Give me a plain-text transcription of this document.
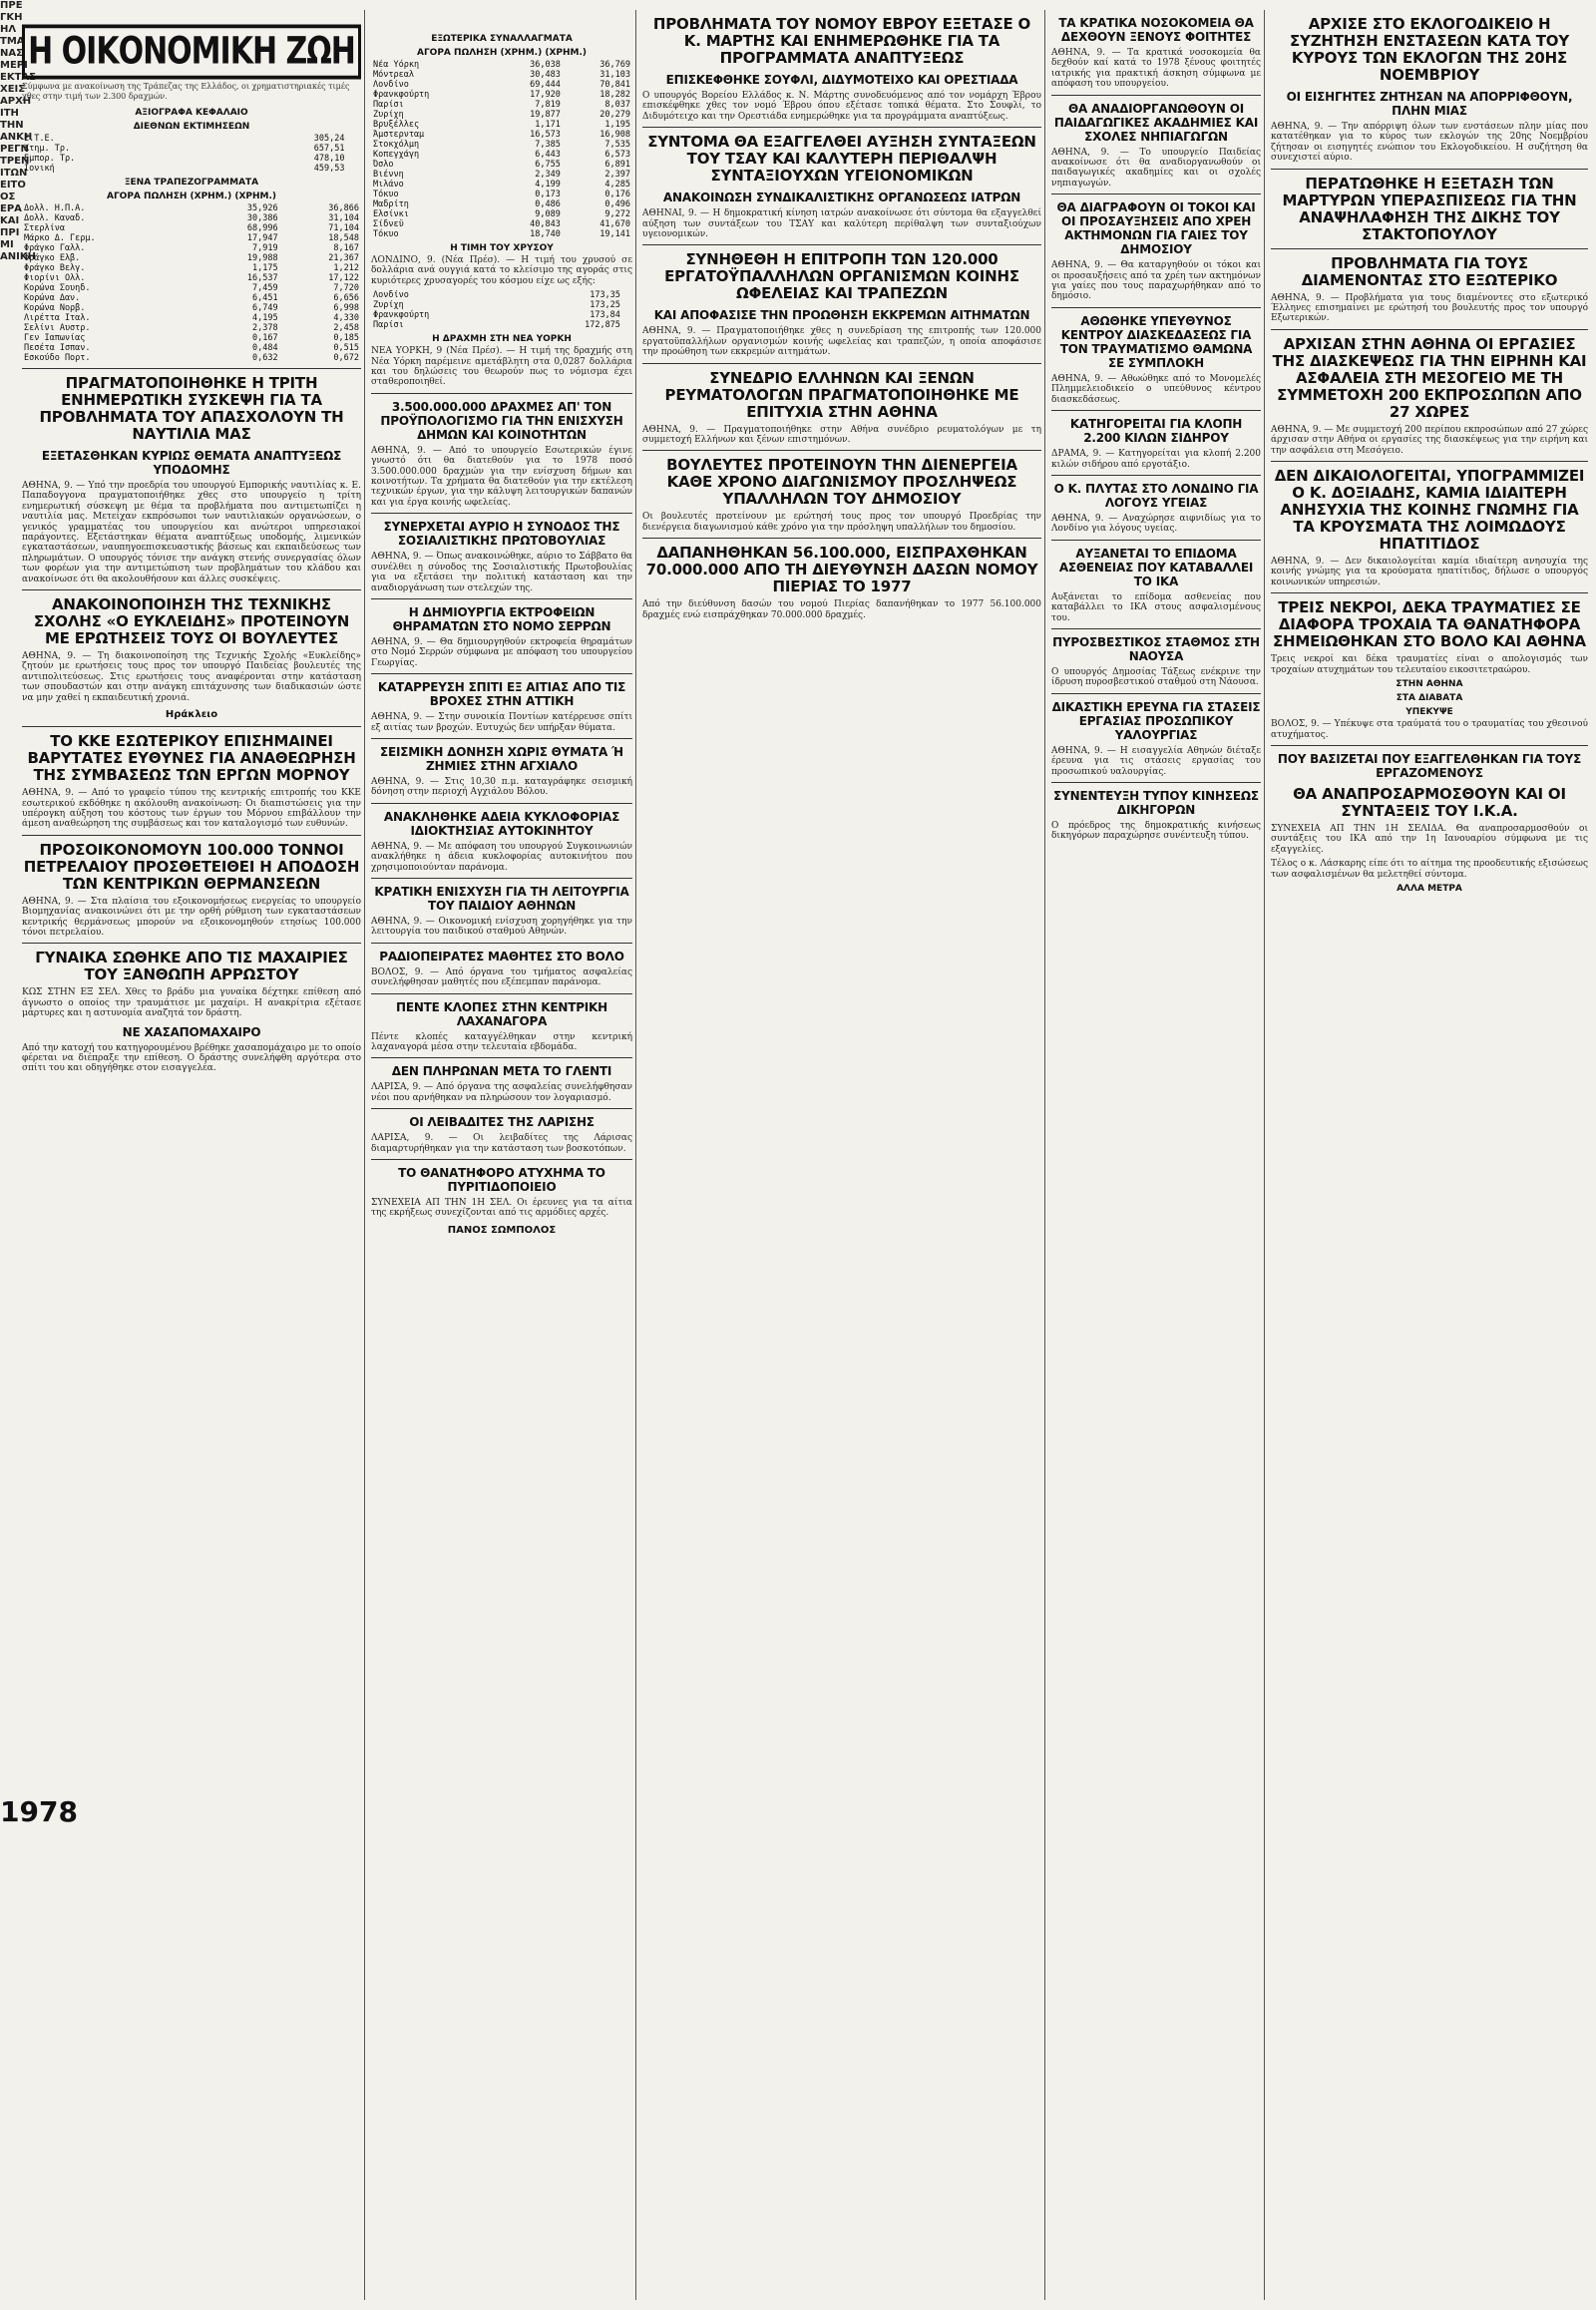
ΠΡΕ ΓΚΗ ΗΛ ΤΜΑ ΝΑΣ ΜΕΡΙ ΕΚΤΑΣ ΧΕΙΣ ΑΡΧΗ ΙΤΗ ΤΗΝ ΑΝΚΗ ΡΕΓΝ ΤΡΕΝ ΙΤΩΝ ΕΙΤΟ ΟΣ ΕΡΑ ΚΑΙ ΠΡΙ ΜΙ ΑΝΙΚΗ
1978
Η ΟΙΚΟΝΟΜΙΚΗ ΖΩΗ
Σύμφωνα με ανακοίνωση της Τράπεζας της Ελλάδος, οι χρηματιστηριακές τιμές χθες στην τιμή των 2.300 δραχμών.
ΑΞΙΟΓΡΑΦΑ ΚΕΦΑΛΑΙΟ
ΔΙΕΘΝΩΝ ΕΚΤΙΜΗΣΕΩΝ
Ε.Τ.Ε.	305,24	
Κτημ. Τρ.	657,51	
Εμπορ. Τρ.	478,10	
Ιονική	459,53	
ΞΕΝΑ ΤΡΑΠΕΖΟΓΡΑΜΜΑΤΑ
ΑΓΟΡΑ ΠΩΛΗΣΗ (ΧΡΗΜ.) (ΧΡΗΜ.)
Δολλ. Η.Π.Α.	35,926	36,866
Δολλ. Καναδ.	30,386	31,104
Στερλίνα	68,996	71,104
Μάρκο Δ. Γερμ.	17,947	18,548
Φράγκο Γαλλ.	7,919	8,167
Φράγκο Ελβ.	19,988	21,367
Φράγκο Βελγ.	1,175	1,212
Φιορίνι Ολλ.	16,537	17,122
Κορώνα Σουηδ.	7,459	7,720
Κορώνα Δαν.	6,451	6,656
Κορώνα Νορβ.	6,749	6,998
Λιρέττα Ιταλ.	4,195	4,330
Σελίνι Αυστρ.	2,378	2,458
Γεν Ιαπωνίας	0,167	0,185
Πεσέτα Ισπαν.	0,484	0,515
Εσκούδο Πορτ.	0,632	0,672
ΠΡΑΓΜΑΤΟΠΟΙΗΘΗΚΕ Η ΤΡΙΤΗ ΕΝΗΜΕΡΩΤΙΚΗ ΣΥΣΚΕΨΗ ΓΙΑ ΤΑ ΠΡΟΒΛΗΜΑΤΑ ΤΟΥ ΑΠΑΣΧΟΛΟΥΝ ΤΗ ΝΑΥΤΙΛΙΑ ΜΑΣ
ΕΞΕΤΑΣΘΗΚΑΝ ΚΥΡΙΩΣ ΘΕΜΑΤΑ ΑΝΑΠΤΥΞΕΩΣ ΥΠΟΔΟΜΗΣ

ΑΘΗΝΑ, 9. — Υπό την προεδρία του υπουργού Εμπορικής ναυτιλίας κ. Ε. Παπαδογγονα πραγματοποιήθηκε χθες στο υπουργείο η τρίτη ενημερωτική σύσκεψη με θέμα τα προβλήματα που αντιμετωπίζει η ναυτιλία μας. Μετείχαν εκπρόσωποι των ναυτιλιακών οργανώσεων, ο γενικός γραμματέας του υπουργείου και ανώτεροι υπηρεσιακοί παράγοντες. Εξετάστηκαν θέματα αναπτύξεως υποδομής, λιμενικών εγκαταστάσεων, ναυπηγοεπισκευαστικής βάσεως και εκπαιδεύσεως των πληρωμάτων. Ο υπουργός τόνισε την ανάγκη στενής συνεργασίας όλων των φορέων για την αντιμετώπιση των προβλημάτων του κλάδου και ανακοίνωσε ότι θα ακολουθήσουν και άλλες συσκέψεις.

ΑΝΑΚΟΙΝΟΠΟΙΗΣΗ ΤΗΣ ΤΕΧΝΙΚΗΣ ΣΧΟΛΗΣ «Ο ΕΥΚΛΕΙΔΗΣ» ΠΡΟΤΕΙΝΟΥΝ ΜΕ ΕΡΩΤΗΣΕΙΣ ΤΟΥΣ ΟΙ ΒΟΥΛΕΥΤΕΣ

ΑΘΗΝΑ, 9. — Τη διακοινοποίηση της Τεχνικής Σχολής «Ευκλείδης» ζητούν με ερωτήσεις τους προς τον υπουργό Παιδείας βουλευτές της αντιπολιτεύσεως. Στις ερωτήσεις τους αναφέρονται στην κατάσταση των σπουδαστών και στην ανάγκη επιτάχυνσης των διαδικασιών ώστε να μην χαθεί η εκπαιδευτική χρονιά.

Ηράκλειο
ΤΟ ΚΚΕ ΕΣΩΤΕΡΙΚΟΥ ΕΠΙΣΗΜΑΙΝΕΙ ΒΑΡΥΤΑΤΕΣ ΕΥΘΥΝΕΣ ΓΙΑ ΑΝΑΘΕΩΡΗΣΗ ΤΗΣ ΣΥΜΒΑΣΕΩΣ ΤΩΝ ΕΡΓΩΝ ΜΟΡΝΟΥ

ΑΘΗΝΑ, 9. — Από το γραφείο τύπου της κεντρικής επιτροπής του ΚΚΕ εσωτερικού εκδόθηκε η ακόλουθη ανακοίνωση: Οι διαπιστώσεις για την υπέρογκη αύξηση του κόστους των έργων του Μόρνου επιβάλλουν την άμεση αναθεώρηση της συμβάσεως και τον καταλογισμό των ευθυνών.

ΠΡΟΣΟΙΚΟΝΟΜΟΥΝ 100.000 ΤΟΝΝΟΙ ΠΕΤΡΕΛΑΙΟΥ ΠΡΟΣΘΕΤΕΙΘΕΙ Η ΑΠΟΔΟΣΗ ΤΩΝ ΚΕΝΤΡΙΚΩΝ ΘΕΡΜΑΝΣΕΩΝ

ΑΘΗΝΑ, 9. — Στα πλαίσια του εξοικονομήσεως ενεργείας το υπουργείο Βιομηχανίας ανακοινώνει ότι με την ορθή ρύθμιση των εγκαταστάσεων κεντρικής θερμάνσεως μπορούν να εξοικονομηθούν ετησίως 100.000 τόνοι πετρελαίου.

ΓΥΝΑΙΚΑ ΣΩΘΗΚΕ ΑΠΟ ΤΙΣ ΜΑΧΑΙΡΙΕΣ ΤΟΥ ΞΑΝΘΩΠΗ ΑΡΡΩΣΤΟΥ

ΚΩΣ ΣΤΗΝ ΕΞ ΣΕΛ. Χθες το βράδυ μια γυναίκα δέχτηκε επίθεση από άγνωστο ο οποίος την τραυμάτισε με μαχαίρι. Η ανακρίτρια εξέτασε μάρτυρες και η αστυνομία αναζητά τον δράστη.

ΝΕ ΧΑΣΑΠΟΜΑΧΑΙΡΟ

Από την κατοχή του κατηγορουμένου βρέθηκε χασαπομάχαιρο με το οποίο φέρεται να διέπραξε την επίθεση. Ο δράστης συνελήφθη αργότερα στο σπίτι του και οδηγήθηκε στον εισαγγελέα.

ΕΞΩΤΕΡΙΚΑ ΣΥΝΑΛΛΑΓΜΑΤΑ
ΑΓΟΡΑ ΠΩΛΗΣΗ (ΧΡΗΜ.) (ΧΡΗΜ.)
Νέα Υόρκη	36,038	36,769
Μόντρεαλ	30,483	31,103
Λονδίνο	69,444	70,841
Φρανκφούρτη	17,920	18,282
Παρίσι	7,819	8,037
Ζυρίχη	19,877	20,279
Βρυξέλλες	1,171	1,195
Άμστερνταμ	16,573	16,908
Στοκχόλμη	7,385	7,535
Κοπεγχάγη	6,443	6,573
Όσλο	6,755	6,891
Βιέννη	2,349	2,397
Μιλάνο	4,199	4,285
Τόκυο	0,173	0,176
Μαδρίτη	0,486	0,496
Ελσίνκι	9,089	9,272
Σίδνεϋ	40,843	41,670
Τόκυο	18,740	19,141
Η ΤΙΜΗ ΤΟΥ ΧΡΥΣΟΥ

ΛΟΝΔΙΝΟ, 9. (Νέα Πρέσ). — Η τιμή του χρυσού σε δολλάρια ανά ουγγιά κατά το κλείσιμο της αγοράς στις κυριότερες χρυσαγορές του κόσμου είχε ως εξής:

Λονδίνο	173,35	
Ζυρίχη	173,25	
Φρανκφούρτη	173,84	
Παρίσι	172,875	
Η ΔΡΑΧΜΗ ΣΤΗ ΝΕΑ ΥΟΡΚΗ

ΝΕΑ ΥΟΡΚΗ, 9 (Νέα Πρέσ). — Η τιμή της δραχμής στη Νέα Υόρκη παρέμεινε αμετάβλητη στα 0,0287 δολλάρια και του δηλώσεις του θεωρούν πως το νόμισμα έχει σταθεροποιηθεί.

3.500.000.000 ΔΡΑΧΜΕΣ ΑΠ' ΤΟΝ ΠΡΟΫΠΟΛΟΓΙΣΜΟ ΓΙΑ ΤΗΝ ΕΝΙΣΧΥΣΗ ΔΗΜΩΝ ΚΑΙ ΚΟΙΝΟΤΗΤΩΝ

ΑΘΗΝΑ, 9. — Από το υπουργείο Εσωτερικών έγινε γνωστό ότι θα διατεθούν για το 1978 ποσό 3.500.000.000 δραχμών για την ενίσχυση δήμων και κοινοτήτων. Τα χρήματα θα διατεθούν για την εκτέλεση τεχνικών έργων, για την κάλυψη λειτουργικών δαπανών και για έργα κοινής ωφελείας.

ΣΥΝΕΡΧΕΤΑΙ ΑΥΡΙΟ Η ΣΥΝΟΔΟΣ ΤΗΣ ΣΟΣΙΑΛΙΣΤΙΚΗΣ ΠΡΩΤΟΒΟΥΛΙΑΣ

ΑΘΗΝΑ, 9. — Όπως ανακοινώθηκε, αύριο το Σάββατο θα συνέλθει η σύνοδος της Σοσιαλιστικής Πρωτοβουλίας για να εξετάσει την πολιτική κατάσταση και την αναδιοργάνωση των στελεχών της.

Η ΔΗΜΙΟΥΡΓΙΑ ΕΚΤΡΟΦΕΙΩΝ ΘΗΡΑΜΑΤΩΝ ΣΤΟ ΝΟΜΟ ΣΕΡΡΩΝ

ΑΘΗΝΑ, 9. — Θα δημιουργηθούν εκτροφεία θηραμάτων στο Νομό Σερρών σύμφωνα με απόφαση του υπουργείου Γεωργίας.

ΚΑΤΑΡΡΕΥΣΗ ΣΠΙΤΙ ΕΞ ΑΙΤΙΑΣ ΑΠΟ ΤΙΣ ΒΡΟΧΕΣ ΣΤΗΝ ΑΤΤΙΚΗ

ΑΘΗΝΑ, 9. — Στην συνοικία Ποντίων κατέρρευσε σπίτι εξ αιτίας των βροχών. Ευτυχώς δεν υπήρξαν θύματα.

ΣΕΙΣΜΙΚΗ ΔΟΝΗΣΗ ΧΩΡΙΣ ΘΥΜΑΤΑ Ή ΖΗΜΙΕΣ ΣΤΗΝ ΑΓΧΙΑΛΟ

ΑΘΗΝΑ, 9. — Στις 10,30 π.μ. καταγράφηκε σεισμική δόνηση στην περιοχή Αγχιάλου Βόλου.

ΑΝΑΚΛΗΘΗΚΕ ΑΔΕΙΑ ΚΥΚΛΟΦΟΡΙΑΣ ΙΔΙΟΚΤΗΣΙΑΣ ΑΥΤΟΚΙΝΗΤΟΥ

ΑΘΗΝΑ, 9. — Με απόφαση του υπουργού Συγκοινωνιών ανακλήθηκε η άδεια κυκλοφορίας αυτοκινήτου που χρησιμοποιούνταν παράνομα.

ΚΡΑΤΙΚΗ ΕΝΙΣΧΥΣΗ ΓΙΑ ΤΗ ΛΕΙΤΟΥΡΓΙΑ ΤΟΥ ΠΑΙΔΙΟΥ ΑΘΗΝΩΝ

ΑΘΗΝΑ, 9. — Οικονομική ενίσχυση χορηγήθηκε για την λειτουργία του παιδικού σταθμού Αθηνών.

ΡΑΔΙΟΠΕΙΡΑΤΕΣ ΜΑΘΗΤΕΣ ΣΤΟ ΒΟΛΟ

ΒΟΛΟΣ, 9. — Από όργανα του τμήματος ασφαλείας συνελήφθησαν μαθητές που εξέπεμπαν παράνομα.

ΠΕΝΤΕ ΚΛΟΠΕΣ ΣΤΗΝ ΚΕΝΤΡΙΚΗ ΛΑΧΑΝΑΓΟΡΑ

Πέντε κλοπές καταγγέλθηκαν στην κεντρική λαχαναγορά μέσα στην τελευταία εβδομάδα.

ΔΕΝ ΠΛΗΡΩΝΑΝ ΜΕΤΑ ΤΟ ΓΛΕΝΤΙ

ΛΑΡΙΣΑ, 9. — Από όργανα της ασφαλείας συνελήφθησαν νέοι που αρνήθηκαν να πληρώσουν τον λογαριασμό.

ΟΙ ΛΕΙΒΑΔΙΤΕΣ ΤΗΣ ΛΑΡΙΣΗΣ

ΛΑΡΙΣΑ, 9. — Οι λειβαδίτες της Λάρισας διαμαρτυρήθηκαν για την κατάσταση των βοσκοτόπων.

ΤΟ ΘΑΝΑΤΗΦΟΡΟ ΑΤΥΧΗΜΑ ΤΟ ΠΥΡΙΤΙΔΟΠΟΙΕΙΟ

ΣΥΝΕΧΕΙΑ ΑΠ ΤΗΝ 1Η ΣΕΛ. Οι έρευνες για τα αίτια της εκρήξεως συνεχίζονται από τις αρμόδιες αρχές.

ΠΑΝΟΣ ΣΩΜΠΟΛΟΣ
ΠΡΟΒΛΗΜΑΤΑ ΤΟΥ ΝΟΜΟΥ ΕΒΡΟΥ ΕΞΕΤΑΣΕ Ο Κ. ΜΑΡΤΗΣ ΚΑΙ ΕΝΗΜΕΡΩΘΗΚΕ ΓΙΑ ΤΑ ΠΡΟΓΡΑΜΜΑΤΑ ΑΝΑΠΤΥΞΕΩΣ
ΕΠΙΣΚΕΦΘΗΚΕ ΣΟΥΦΛΙ, ΔΙΔΥΜΟΤΕΙΧΟ ΚΑΙ ΟΡΕΣΤΙΑΔΑ

Ο υπουργός Βορείου Ελλάδος κ. Ν. Μάρτης συνοδευόμενος από τον νομάρχη Έβρου επισκέφθηκε χθες τον νομό Έβρου όπου εξέτασε τοπικά θέματα. Στο Σουφλί, το Διδυμότειχο και την Ορεστιάδα ενημερώθηκε για τα προγράμματα αναπτύξεως.

ΣΥΝΤΟΜΑ ΘΑ ΕΞΑΓΓΕΛΘΕΙ ΑΥΞΗΣΗ ΣΥΝΤΑΞΕΩΝ ΤΟΥ ΤΣΑΥ ΚΑΙ ΚΑΛΥΤΕΡΗ ΠΕΡΙΘΑΛΨΗ ΣΥΝΤΑΞΙΟΥΧΩΝ ΥΓΕΙΟΝΟΜΙΚΩΝ
ΑΝΑΚΟΙΝΩΣΗ ΣΥΝΔΙΚΑΛΙΣΤΙΚΗΣ ΟΡΓΑΝΩΣΕΩΣ ΙΑΤΡΩΝ

ΑΘΗΝΑΙ, 9. — Η δημοκρατική κίνηση ιατρών ανακοίνωσε ότι σύντομα θα εξαγγελθεί αύξηση των συντάξεων του ΤΣΑΥ και καλύτερη περίθαλψη των συνταξιούχων υγειονομικών.

ΣΥΝΗΘΕΘΗ Η ΕΠΙΤΡΟΠΗ ΤΩΝ 120.000 ΕΡΓΑΤΟΫΠΑΛΛΗΛΩΝ ΟΡΓΑΝΙΣΜΩΝ ΚΟΙΝΗΣ ΩΦΕΛΕΙΑΣ ΚΑΙ ΤΡΑΠΕΖΩΝ
ΚΑΙ ΑΠΟΦΑΣΙΣΕ ΤΗΝ ΠΡΟΩΘΗΣΗ ΕΚΚΡΕΜΩΝ ΑΙΤΗΜΑΤΩΝ

ΑΘΗΝΑ, 9. — Πραγματοποιήθηκε χθες η συνεδρίαση της επιτροπής των 120.000 εργατοϋπαλλήλων οργανισμών κοινής ωφελείας και τραπεζών, η οποία αποφάσισε την προώθηση των εκκρεμών αιτημάτων.

ΣΥΝΕΔΡΙΟ ΕΛΛΗΝΩΝ ΚΑΙ ΞΕΝΩΝ ΡΕΥΜΑΤΟΛΟΓΩΝ ΠΡΑΓΜΑΤΟΠΟΙΗΘΗΚΕ ΜΕ ΕΠΙΤΥΧΙΑ ΣΤΗΝ ΑΘΗΝΑ

ΑΘΗΝΑ, 9. — Πραγματοποιήθηκε στην Αθήνα συνέδριο ρευματολόγων με τη συμμετοχή Ελλήνων και ξένων επιστημόνων.

ΒΟΥΛΕΥΤΕΣ ΠΡΟΤΕΙΝΟΥΝ ΤΗΝ ΔΙΕΝΕΡΓΕΙΑ ΚΑΘΕ ΧΡΟΝΟ ΔΙΑΓΩΝΙΣΜΟΥ ΠΡΟΣΛΗΨΕΩΣ ΥΠΑΛΛΗΛΩΝ ΤΟΥ ΔΗΜΟΣΙΟΥ

Οι βουλευτές προτείνουν με ερώτησή τους προς τον υπουργό Προεδρίας την διενέργεια διαγωνισμού κάθε χρόνο για την πρόσληψη υπαλλήλων του δημοσίου.

ΔΑΠΑΝΗΘΗΚΑΝ 56.100.000, ΕΙΣΠΡΑΧΘΗΚΑΝ 70.000.000 ΑΠΟ ΤΗ ΔΙΕΥΘΥΝΣΗ ΔΑΣΩΝ ΝΟΜΟΥ ΠΙΕΡΙΑΣ ΤΟ 1977

Από την διεύθυνση δασών του νομού Πιερίας δαπανήθηκαν το 1977 56.100.000 δραχμές ενώ εισπράχθηκαν 70.000.000 δραχμές.

ΤΑ ΚΡΑΤΙΚΑ ΝΟΣΟΚΟΜΕΙΑ ΘΑ ΔΕΧΘΟΥΝ ΞΕΝΟΥΣ ΦΟΙΤΗΤΕΣ

ΑΘΗΝΑ, 9. — Τα κρατικά νοσοκομεία θα δεχθούν καί κατά το 1978 ξένους φοιτητές ιατρικής για πρακτική άσκηση σύμφωνα με απόφαση του υπουργείου.

ΘΑ ΑΝΑΔΙΟΡΓΑΝΩΘΟΥΝ ΟΙ ΠΑΙΔΑΓΩΓΙΚΕΣ ΑΚΑΔΗΜΙΕΣ ΚΑΙ ΣΧΟΛΕΣ ΝΗΠΙΑΓΩΓΩΝ

ΑΘΗΝΑ, 9. — Το υπουργείο Παιδείας ανακοίνωσε ότι θα αναδιοργανωθούν οι παιδαγωγικές ακαδημίες και οι σχολές νηπιαγωγών.

ΘΑ ΔΙΑΓΡΑΦΟΥΝ ΟΙ ΤΟΚΟΙ ΚΑΙ ΟΙ ΠΡΟΣΑΥΞΗΣΕΙΣ ΑΠΟ ΧΡΕΗ ΑΚΤΗΜΟΝΩΝ ΓΙΑ ΓΑΙΕΣ ΤΟΥ ΔΗΜΟΣΙΟΥ

ΑΘΗΝΑ, 9. — Θα καταργηθούν οι τόκοι και οι προσαυξήσεις από τα χρέη των ακτημόνων για γαίες που τους παραχωρήθηκαν από το δημόσιο.

ΑΘΩΘΗΚΕ ΥΠΕΥΘΥΝΟΣ ΚΕΝΤΡΟΥ ΔΙΑΣΚΕΔΑΣΕΩΣ ΓΙΑ ΤΟΝ ΤΡΑΥΜΑΤΙΣΜΟ ΘΑΜΩΝΑ ΣΕ ΣΥΜΠΛΟΚΗ

ΑΘΗΝΑ, 9. — Αθωώθηκε από το Μονομελές Πλημμελειοδικείο ο υπεύθυνος κέντρου διασκεδάσεως.

ΚΑΤΗΓΟΡΕΙΤΑΙ ΓΙΑ ΚΛΟΠΗ 2.200 ΚΙΛΩΝ ΣΙΔΗΡΟΥ

ΔΡΑΜΑ, 9. — Κατηγορείται για κλοπή 2.200 κιλών σιδήρου από εργοτάξιο.

Ο Κ. ΠΛΥΤΑΣ ΣΤΟ ΛΟΝΔΙΝΟ ΓΙΑ ΛΟΓΟΥΣ ΥΓΕΙΑΣ

ΑΘΗΝΑ, 9. — Αναχώρησε αιφνιδίως για το Λονδίνο για λόγους υγείας.

ΑΥΞΑΝΕΤΑΙ ΤΟ ΕΠΙΔΟΜΑ ΑΣΘΕΝΕΙΑΣ ΠΟΥ ΚΑΤΑΒΑΛΛΕΙ ΤΟ ΙΚΑ

Αυξάνεται το επίδομα ασθενείας που καταβάλλει το ΙΚΑ στους ασφαλισμένους του.

ΠΥΡΟΣΒΕΣΤΙΚΟΣ ΣΤΑΘΜΟΣ ΣΤΗ ΝΑΟΥΣΑ

Ο υπουργός Δημοσίας Τάξεως ενέκρινε την ίδρυση πυροσβεστικού σταθμού στη Νάουσα.

ΔΙΚΑΣΤΙΚΗ ΕΡΕΥΝΑ ΓΙΑ ΣΤΑΣΕΙΣ ΕΡΓΑΣΙΑΣ ΠΡΟΣΩΠΙΚΟΥ ΥΑΛΟΥΡΓΙΑΣ

ΑΘΗΝΑ, 9. — Η εισαγγελία Αθηνών διέταξε έρευνα για τις στάσεις εργασίας του προσωπικού υαλουργίας.

ΣΥΝΕΝΤΕΥΞΗ ΤΥΠΟΥ ΚΙΝΗΣΕΩΣ ΔΙΚΗΓΟΡΩΝ

Ο πρόεδρος της δημοκρατικής κινήσεως δικηγόρων παραχώρησε συνέντευξη τύπου.

ΑΡΧΙΣΕ ΣΤΟ ΕΚΛΟΓΟΔΙΚΕΙΟ Η ΣΥΖΗΤΗΣΗ ΕΝΣΤΑΣΕΩΝ ΚΑΤΑ ΤΟΥ ΚΥΡΟΥΣ ΤΩΝ ΕΚΛΟΓΩΝ ΤΗΣ 20ΗΣ ΝΟΕΜΒΡΙΟΥ
ΟΙ ΕΙΣΗΓΗΤΕΣ ΖΗΤΗΣΑΝ ΝΑ ΑΠΟΡΡΙΦΘΟΥΝ, ΠΛΗΝ ΜΙΑΣ

ΑΘΗΝΑ, 9. — Την απόρριψη όλων των ενστάσεων πλην μίας που κατατέθηκαν για το κύρος των εκλογών της 20ης Νοεμβρίου ζήτησαν οι εισηγητές ενώπιον του Εκλογοδικείου. Η συζήτηση θα συνεχιστεί αύριο.

ΠΕΡΑΤΩΘΗΚΕ Η ΕΞΕΤΑΣΗ ΤΩΝ ΜΑΡΤΥΡΩΝ ΥΠΕΡΑΣΠΙΣΕΩΣ ΓΙΑ ΤΗΝ ΑΝΑΨΗΛΑΦΗΣΗ ΤΗΣ ΔΙΚΗΣ ΤΟΥ ΣΤΑΚΤΟΠΟΥΛΟΥ
ΠΡΟΒΛΗΜΑΤΑ ΓΙΑ ΤΟΥΣ ΔΙΑΜΕΝΟΝΤΑΣ ΣΤΟ ΕΞΩΤΕΡΙΚΟ

ΑΘΗΝΑ, 9. — Προβλήματα για τους διαμένοντες στο εξωτερικό Έλληνες επισημαίνει με ερώτησή του βουλευτής προς τον υπουργό Εξωτερικών.

ΑΡΧΙΣΑΝ ΣΤΗΝ ΑΘΗΝΑ ΟΙ ΕΡΓΑΣΙΕΣ ΤΗΣ ΔΙΑΣΚΕΨΕΩΣ ΓΙΑ ΤΗΝ ΕΙΡΗΝΗ ΚΑΙ ΑΣΦΑΛΕΙΑ ΣΤΗ ΜΕΣΟΓΕΙΟ ΜΕ ΤΗ ΣΥΜΜΕΤΟΧΗ 200 ΕΚΠΡΟΣΩΠΩΝ ΑΠΟ 27 ΧΩΡΕΣ

ΑΘΗΝΑ, 9. — Με συμμετοχή 200 περίπου εκπροσώπων από 27 χώρες άρχισαν στην Αθήνα οι εργασίες της διασκέψεως για την ειρήνη και την ασφάλεια στη Μεσόγειο.

ΔΕΝ ΔΙΚΑΙΟΛΟΓΕΙΤΑΙ, ΥΠΟΓΡΑΜΜΙΖΕΙ Ο Κ. ΔΟΞΙΑΔΗΣ, ΚΑΜΙΑ ΙΔΙΑΙΤΕΡΗ ΑΝΗΣΥΧΙΑ ΤΗΣ ΚΟΙΝΗΣ ΓΝΩΜΗΣ ΓΙΑ ΤΑ ΚΡΟΥΣΜΑΤΑ ΤΗΣ ΛΟΙΜΩΔΟΥΣ ΗΠΑΤΙΤΙΔΟΣ

ΑΘΗΝΑ, 9. — Δεν δικαιολογείται καμία ιδιαίτερη ανησυχία της κοινής γνώμης για τα κρούσματα ηπατίτιδος, δήλωσε ο υπουργός κοινωνικών υπηρεσιών.

ΤΡΕΙΣ ΝΕΚΡΟΙ, ΔΕΚΑ ΤΡΑΥΜΑΤΙΕΣ ΣΕ ΔΙΑΦΟΡΑ ΤΡΟΧΑΙΑ ΤΑ ΘΑΝΑΤΗΦΟΡΑ ΣΗΜΕΙΩΘΗΚΑΝ ΣΤΟ ΒΟΛΟ ΚΑΙ ΑΘΗΝΑ

Τρεις νεκροί και δέκα τραυματίες είναι ο απολογισμός των τροχαίων ατυχημάτων του τελευταίου εικοσιτετραώρου.

ΣΤΗΝ ΑΘΗΝΑ
ΣΤΑ ΔΙΑΒΑΤΑ
ΥΠΕΚΥΨΕ

ΒΟΛΟΣ, 9. — Υπέκυψε στα τραύματά του ο τραυματίας του χθεσινού ατυχήματος.

ΠΟΥ ΒΑΣΙΖΕΤΑΙ ΠΟΥ ΕΞΑΓΓΕΛΘΗΚΑΝ ΓΙΑ ΤΟΥΣ ΕΡΓΑΖΟΜΕΝΟΥΣ
ΘΑ ΑΝΑΠΡΟΣΑΡΜΟΣΘΟΥΝ ΚΑΙ ΟΙ ΣΥΝΤΑΞΕΙΣ ΤΟΥ Ι.Κ.Α.

ΣΥΝΕΧΕΙΑ ΑΠ ΤΗΝ 1Η ΣΕΛΙΔΑ. Θα αναπροσαρμοσθούν οι συντάξεις του ΙΚΑ από την 1η Ιανουαρίου σύμφωνα με τις εξαγγελίες.

Τέλος ο κ. Λάσκαρης είπε ότι το αίτημα της προοδευτικής εξισώσεως των ασφαλισμένων θα μελετηθεί σύντομα.

ΑΛΛΑ ΜΕΤΡΑ
